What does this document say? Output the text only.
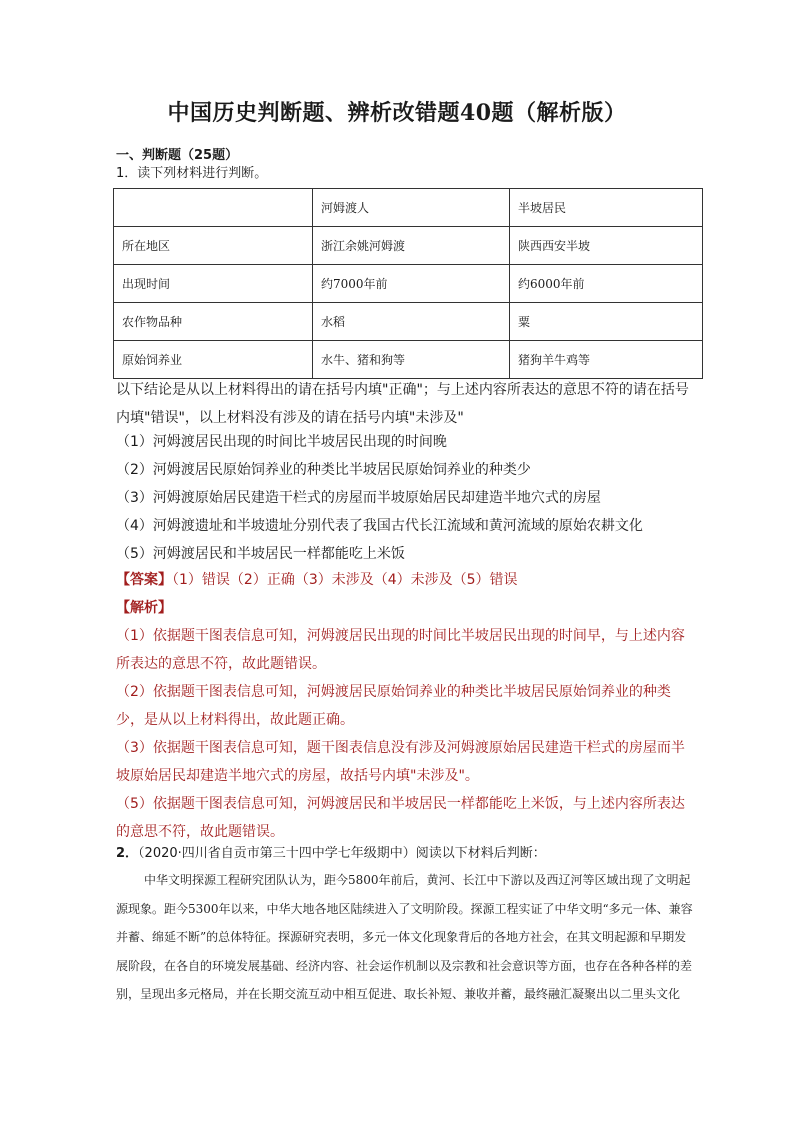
中国历史判断题、辨析改错题40题（解析版）
一、判断题（25题）
1．读下列材料进行判断。
	河姆渡人	半坡居民
所在地区	浙江余姚河姆渡	陕西西安半坡
出现时间	约7000年前	约6000年前
农作物品种	水稻	粟
原始饲养业	水牛、猪和狗等	猪狗羊牛鸡等
以下结论是从以上材料得出的请在括号内填"正确"；与上述内容所表达的意思不符的请在括号内填"错误"，以上材料没有涉及的请在括号内填"未涉及"

（1）河姆渡居民出现的时间比半坡居民出现的时间晚

（2）河姆渡居民原始饲养业的种类比半坡居民原始饲养业的种类少

（3）河姆渡原始居民建造干栏式的房屋而半坡原始居民却建造半地穴式的房屋

（4）河姆渡遗址和半坡遗址分别代表了我国古代长江流域和黄河流域的原始农耕文化

（5）河姆渡居民和半坡居民一样都能吃上米饭

【答案】（1）错误（2）正确（3）未涉及（4）未涉及（5）错误
【解析】

（1）依据题干图表信息可知，河姆渡居民出现的时间比半坡居民出现的时间早，与上述内容所表达的意思不符，故此题错误。

（2）依据题干图表信息可知，河姆渡居民原始饲养业的种类比半坡居民原始饲养业的种类少，是从以上材料得出，故此题正确。

（3）依据题干图表信息可知，题干图表信息没有涉及河姆渡原始居民建造干栏式的房屋而半坡原始居民却建造半地穴式的房屋，故括号内填"未涉及"。

（5）依据题干图表信息可知，河姆渡居民和半坡居民一样都能吃上米饭，与上述内容所表达的意思不符，故此题错误。

2．（2020·四川省自贡市第三十四中学七年级期中）阅读以下材料后判断：
中华文明探源工程研究团队认为，距今5800年前后，黄河、长江中下游以及西辽河等区域出现了文明起源现象。距今5300年以来，中华大地各地区陆续进入了文明阶段。探源工程实证了中华文明“多元一体、兼容并蓄、绵延不断”的总体特征。探源研究表明，多元一体文化现象背后的各地方社会，在其文明起源和早期发展阶段，在各自的环境发展基础、经济内容、社会运作机制以及宗教和社会意识等方面，也存在各种各样的差别，呈现出多元格局，并在长期交流互动中相互促进、取长补短、兼收并蓄，最终融汇凝聚出以二里头文化
